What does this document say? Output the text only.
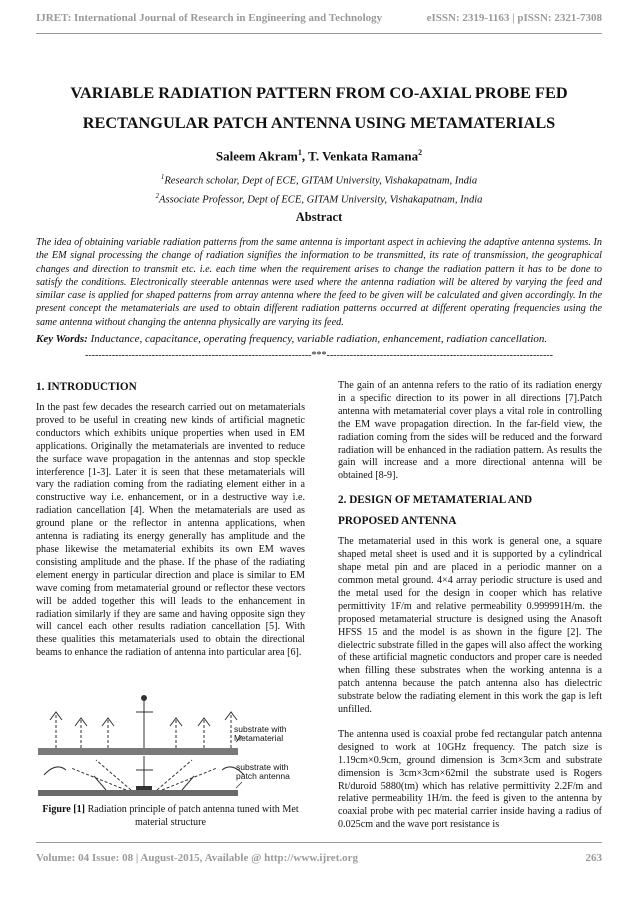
IJRET: International Journal of Research in Engineering and Technology	eISSN: 2319-1163 | pISSN: 2321-7308
VARIABLE RADIATION PATTERN FROM CO-AXIAL PROBE FED
RECTANGULAR PATCH ANTENNA USING METAMATERIALS
Saleem Akram$^1$, T. Venkata Ramana$^2$
$^1$Research scholar, Dept of ECE, GITAM University, Vishakapatnam, India
$^2$Associate Professor, Dept of ECE, GITAM University, Vishakapatnam, India
Abstract
The idea of obtaining variable radiation patterns from the same antenna is important aspect in achieving the adaptive antenna systems. In the EM signal processing the change of radiation signifies the information to be transmitted, its rate of transmission, the geographical changes and direction to transmit etc. i.e. each time when the requirement arises to change the radiation pattern it has to be done to satisfy the conditions. Electronically steerable antennas were used where the antenna radiation will be altered by varying the feed and similar case is applied for shaped patterns from array antenna where the feed to be given will be calculated and given accordingly. In the present concept the metamaterials are used to obtain different radiation patterns occurred at different operating frequencies using the same antenna without changing the antenna physically are varying its feed.
Key Words: Inductance, capacitance, operating frequency, variable radiation, enhancement, radiation cancellation.
--------------------------------------------------------------------***--------------------------------------------------------------------

1. INTRODUCTION

In the past few decades the research carried out on metamaterials proved to be useful in creating new kinds of artificial magnetic conductors which exhibits unique properties when used in EM applications. Originally the metamaterials are invented to reduce the surface wave propagation in the antennas and stop speckle interference [1-3]. Later it is seen that these metamaterials will vary the radiation coming from the radiating element either in a constructive way i.e. enhancement, or in a destructive way i.e. radiation cancellation [4]. When the metamaterials are used as ground plane or the reflector in antenna applications, when antenna is radiating its energy generally has amplitude and the phase likewise the metamaterial exhibits its own EM waves consisting amplitude and the phase. If the phase of the radiating element energy in particular direction and place is similar to EM wave coming from metamaterial ground or reflector these vectors will be added together this will leads to the enhancement in radiation similarly if they are same and having opposite sign they will cancel each other results radiation cancellation [5]. With these qualities this metamaterials used to obtain the directional beams to enhance the radiation of antenna into particular area [6].

substrate with
Metamaterial
substrate with
patch antenna
Figure [1] Radiation principle of patch antenna tuned with Met material structure

The gain of an antenna refers to the ratio of its radiation energy in a specific direction to its power in all directions [7].Patch antenna with metamaterial cover plays a vital role in controlling the EM wave propagation direction. In the far-field view, the radiation coming from the sides will be reduced and the forward radiation will be enhanced in the radiation pattern. As results the gain will increase and a more directional antenna will be obtained [8-9].

2. DESIGN OF METAMATERIAL AND

PROPOSED ANTENNA

The metamaterial used in this work is general one, a square shaped metal sheet is used and it is supported by a cylindrical shape metal pin and are placed in a periodic manner on a common metal ground. 4×4 array periodic structure is used and the metal used for the design in cooper which has relative permittivity 1F/m and relative permeability 0.999991H/m. the proposed metamaterial structure is designed using the Anasoft HFSS 15 and the model is as shown in the figure [2]. The dielectric substrate filled in the gapes will also affect the working of these artificial magnetic conductors and proper care is needed when filling these substrates when the working antenna is a patch antenna because the patch antenna also has dielectric substrate below the radiating element in this work the gap is left unfilled.

The antenna used is coaxial probe fed rectangular patch antenna designed to work at 10GHz frequency. The patch size is 1.19cm×0.9cm, ground dimension is 3cm×3cm and substrate dimension is 3cm×3cm×62mil the substrate used is Rogers Rt/duroid 5880(tm) which has relative permittivity 2.2F/m and relative permeability 1H/m. the feed is given to the antenna by coaxial probe with pec material carrier inside having a radius of 0.025cm and the wave port resistance is

Volume: 04 Issue: 08 | August-2015, Available @ http://www.ijret.org	263
